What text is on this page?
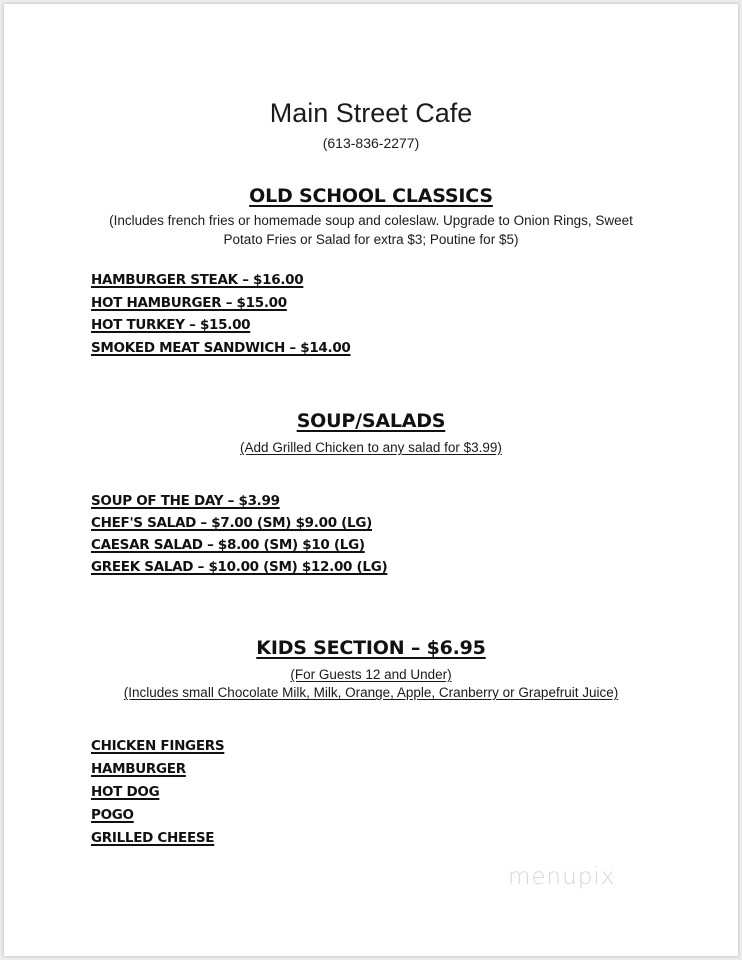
Main Street Cafe
(613-836-2277)
OLD SCHOOL CLASSICS
(Includes french fries or homemade soup and coleslaw. Upgrade to Onion Rings, Sweet
Potato Fries or Salad for extra $3; Poutine for $5)
HAMBURGER STEAK – $16.00
HOT HAMBURGER – $15.00
HOT TURKEY – $15.00
SMOKED MEAT SANDWICH – $14.00
SOUP/SALADS
(Add Grilled Chicken to any salad for $3.99)
SOUP OF THE DAY – $3.99
CHEF'S SALAD – $7.00 (SM) $9.00 (LG)
CAESAR SALAD – $8.00 (SM) $10 (LG)
GREEK SALAD – $10.00 (SM) $12.00 (LG)
KIDS SECTION – $6.95
(For Guests 12 and Under)
(Includes small Chocolate Milk, Milk, Orange, Apple, Cranberry or Grapefruit Juice)
CHICKEN FINGERS
HAMBURGER
HOT DOG
POGO
GRILLED CHEESE
menupix
